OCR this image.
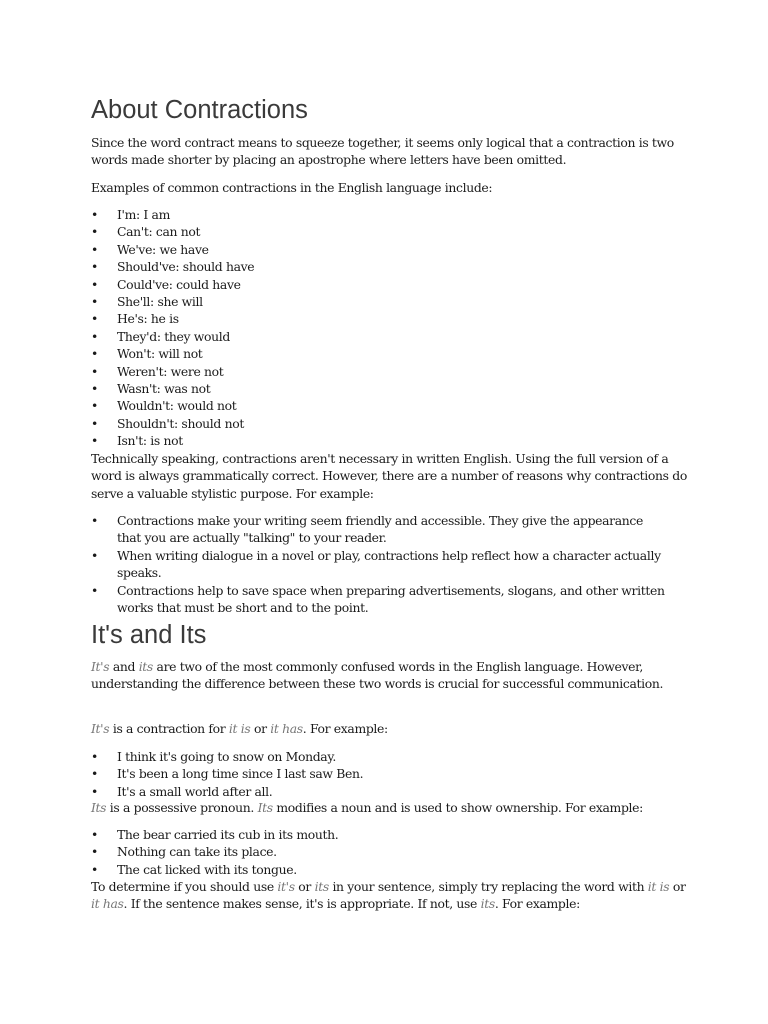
About Contractions

Since the word contract means to squeeze together, it seems only logical that a contraction is two words made shorter by placing an apostrophe where letters have been omitted.

Examples of common contractions in the English language include:

• I'm: I am
• Can't: can not
• We've: we have
• Should've: should have
• Could've: could have
• She'll: she will
• He's: he is
• They'd: they would
• Won't: will not
• Weren't: were not
• Wasn't: was not
• Wouldn't: would not
• Shouldn't: should not
• Isn't: is not

Technically speaking, contractions aren't necessary in written English. Using the full version of a word is always grammatically correct. However, there are a number of reasons why contractions do serve a valuable stylistic purpose. For example:

• Contractions make your writing seem friendly and accessible. They give the appearance that you are actually "talking" to your reader.
• When writing dialogue in a novel or play, contractions help reflect how a character actually speaks.
• Contractions help to save space when preparing advertisements, slogans, and other written works that must be short and to the point.
It's and Its

It's and its are two of the most commonly confused words in the English language. However, understanding the difference between these two words is crucial for successful communication.

It's is a contraction for it is or it has. For example:

• I think it's going to snow on Monday.
• It's been a long time since I last saw Ben.
• It's a small world after all.

Its is a possessive pronoun. Its modifies a noun and is used to show ownership. For example:

• The bear carried its cub in its mouth.
• Nothing can take its place.
• The cat licked with its tongue.

To determine if you should use it's or its in your sentence, simply try replacing the word with it is or it has. If the sentence makes sense, it's is appropriate. If not, use its. For example:
